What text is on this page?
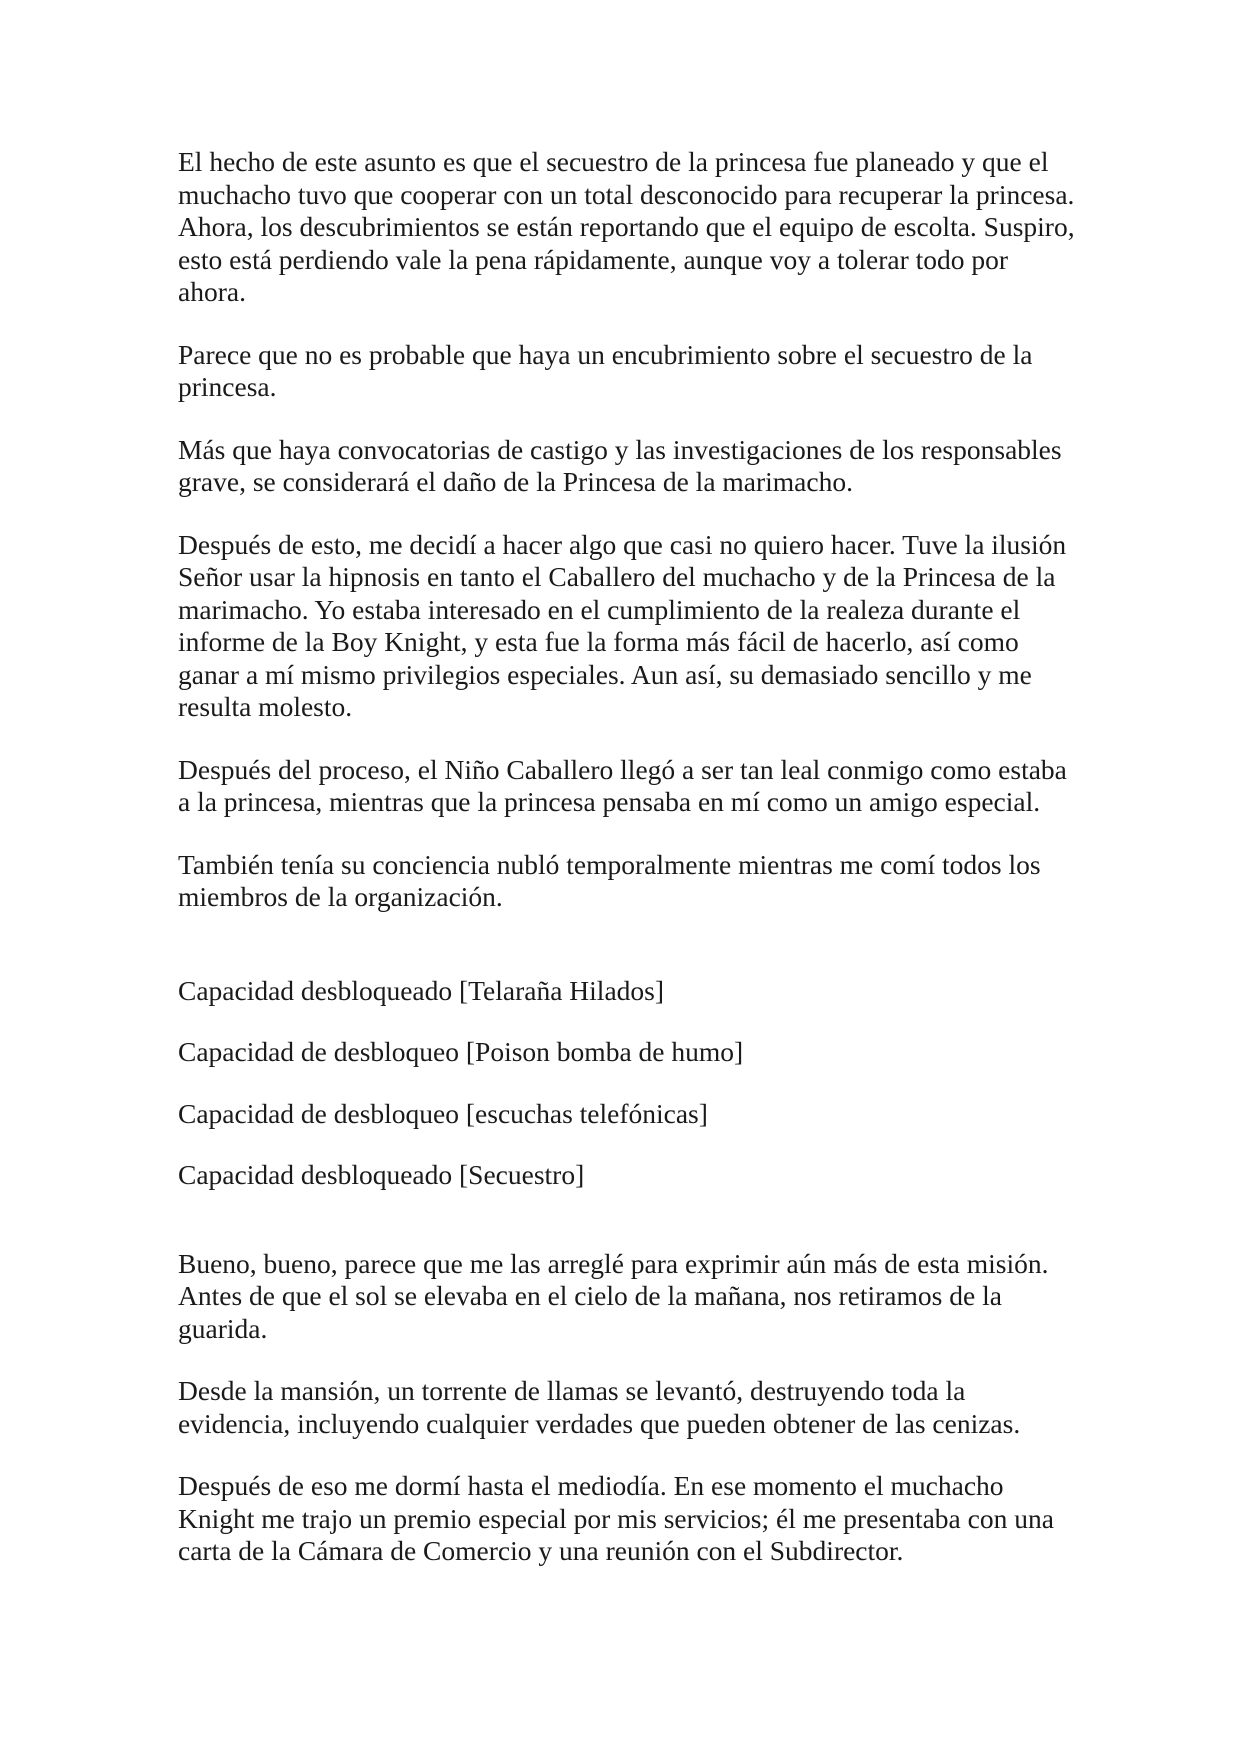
El hecho de este asunto es que el secuestro de la princesa fue planeado y que el muchacho tuvo que cooperar con un total desconocido para recuperar la princesa. Ahora, los descubrimientos se están reportando que el equipo de escolta. Suspiro, esto está perdiendo vale la pena rápidamente, aunque voy a tolerar todo por ahora.

Parece que no es probable que haya un encubrimiento sobre el secuestro de la princesa.

Más que haya convocatorias de castigo y las investigaciones de los responsables grave, se considerará el daño de la Princesa de la marimacho.

Después de esto, me decidí a hacer algo que casi no quiero hacer. Tuve la ilusión Señor usar la hipnosis en tanto el Caballero del muchacho y de la Princesa de la marimacho. Yo estaba interesado en el cumplimiento de la realeza durante el informe de la Boy Knight, y esta fue la forma más fácil de hacerlo, así como ganar a mí mismo privilegios especiales. Aun así, su demasiado sencillo y me resulta molesto.

Después del proceso, el Niño Caballero llegó a ser tan leal conmigo como estaba a la princesa, mientras que la princesa pensaba en mí como un amigo especial.

También tenía su conciencia nubló temporalmente mientras me comí todos los miembros de la organización.

Capacidad desbloqueado [Telaraña Hilados]

Capacidad de desbloqueo [Poison bomba de humo]

Capacidad de desbloqueo [escuchas telefónicas]

Capacidad desbloqueado [Secuestro]

Bueno, bueno, parece que me las arreglé para exprimir aún más de esta misión. Antes de que el sol se elevaba en el cielo de la mañana, nos retiramos de la guarida.

Desde la mansión, un torrente de llamas se levantó, destruyendo toda la evidencia, incluyendo cualquier verdades que pueden obtener de las cenizas.

Después de eso me dormí hasta el mediodía. En ese momento el muchacho Knight me trajo un premio especial por mis servicios; él me presentaba con una carta de la Cámara de Comercio y una reunión con el Subdirector.
